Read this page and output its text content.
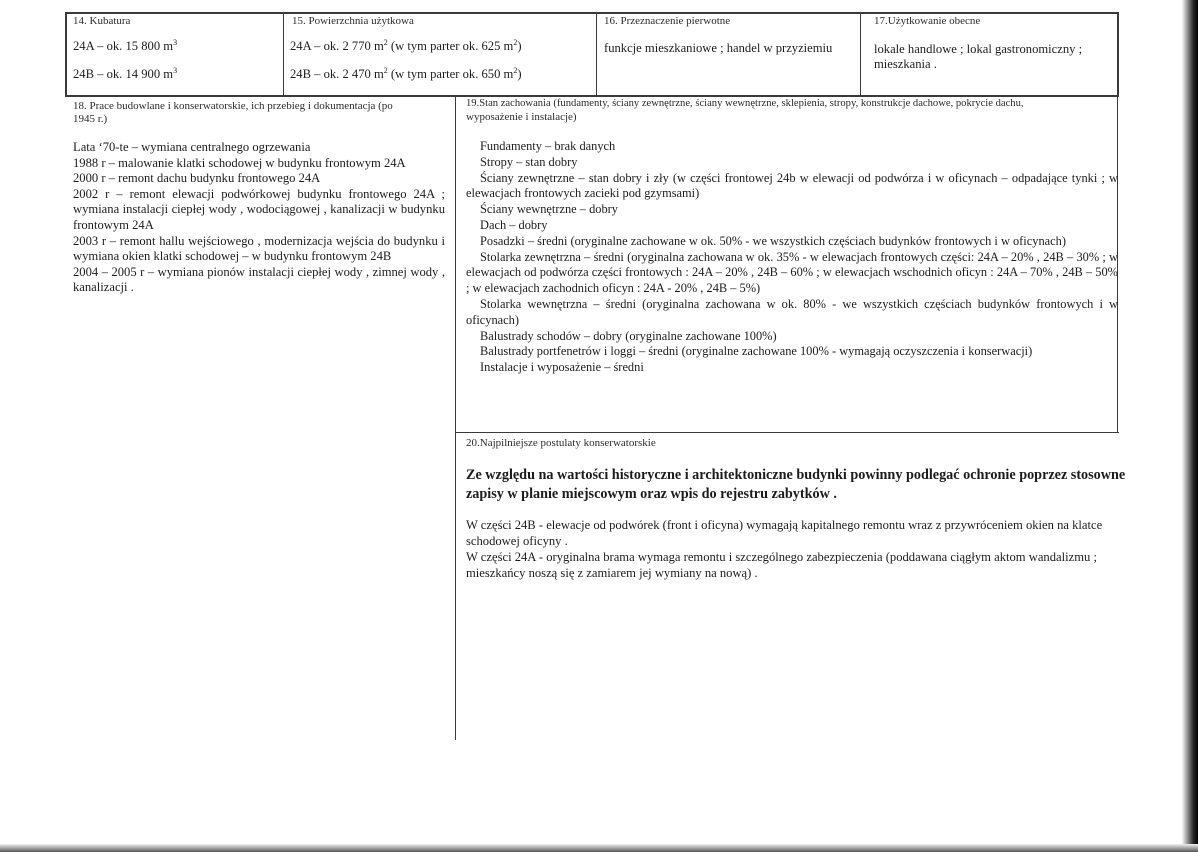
14. Kubatura
24A – ok. 15 800 $m^3$
24B – ok. 14 900 $m^3$
15. Powierzchnia użytkowa
24A – ok. 2 770 $m^2$ (w tym parter ok. 625 $m^2$)
24B – ok. 2 470 $m^2$ (w tym parter ok. 650 $m^2$)
16. Przeznaczenie pierwotne
funkcje mieszkaniowe ; handel w przyziemiu
17.Użytkowanie obecne
lokale handlowe ; lokal gastronomiczny ;
mieszkania .
18. Prace budowlane i konserwatorskie, ich przebieg i dokumentacja (po
1945 r.)

Lata ‘70-te – wymiana centralnego ogrzewania

1988 r – malowanie klatki schodowej w budynku frontowym 24A

2000 r – remont dachu budynku frontowego 24A

2002 r – remont elewacji podwórkowej budynku frontowego 24A ; wymiana instalacji ciepłej wody , wodociągowej , kanalizacji w budynku frontowym 24A

2003 r – remont hallu wejściowego , modernizacja wejścia do budynku i wymiana okien klatki schodowej – w budynku frontowym 24B

2004 – 2005 r – wymiana pionów instalacji ciepłej wody , zimnej wody , kanalizacji .

19.Stan zachowania (fundamenty, ściany zewnętrzne, ściany wewnętrzne, sklepienia, stropy, konstrukcje dachowe, pokrycie dachu,
wyposażenie i instalacje)

Fundamenty – brak danych

Stropy – stan dobry

Ściany zewnętrzne – stan dobry i zły (w części frontowej 24b w elewacji od podwórza i w oficynach – odpadające tynki ; w elewacjach frontowych zacieki pod gzymsami)

Ściany wewnętrzne – dobry

Dach – dobry

Posadzki – średni (oryginalne zachowane w ok. 50% - we wszystkich częściach budynków frontowych i w oficynach)

Stolarka zewnętrzna – średni (oryginalna zachowana w ok. 35% - w elewacjach frontowych części: 24A – 20% , 24B – 30% ; w elewacjach od podwórza części frontowych : 24A – 20% , 24B – 60% ; w elewacjach wschodnich oficyn : 24A – 70% , 24B – 50% ; w elewacjach zachodnich oficyn : 24A - 20% , 24B – 5%)

Stolarka wewnętrzna – średni (oryginalna zachowana w ok. 80% - we wszystkich częściach budynków frontowych i w oficynach)

Balustrady schodów – dobry (oryginalne zachowane 100%)

Balustrady portfenetrów i loggi – średni (oryginalne zachowane 100% - wymagają oczyszczenia i konserwacji)

Instalacje i wyposażenie – średni

20.Najpilniejsze postulaty konserwatorskie

Ze względu na wartości historyczne i architektoniczne budynki powinny podlegać ochronie poprzez stosowne zapisy w planie miejscowym oraz wpis do rejestru zabytków .

W części 24B - elewacje od podwórek (front i oficyna) wymagają kapitalnego remontu wraz z przywróceniem okien na klatce schodowej oficyny .

W części 24A - oryginalna brama wymaga remontu i szczególnego zabezpieczenia (poddawana ciągłym aktom wandalizmu ; mieszkańcy noszą się z zamiarem jej wymiany na nową) .
